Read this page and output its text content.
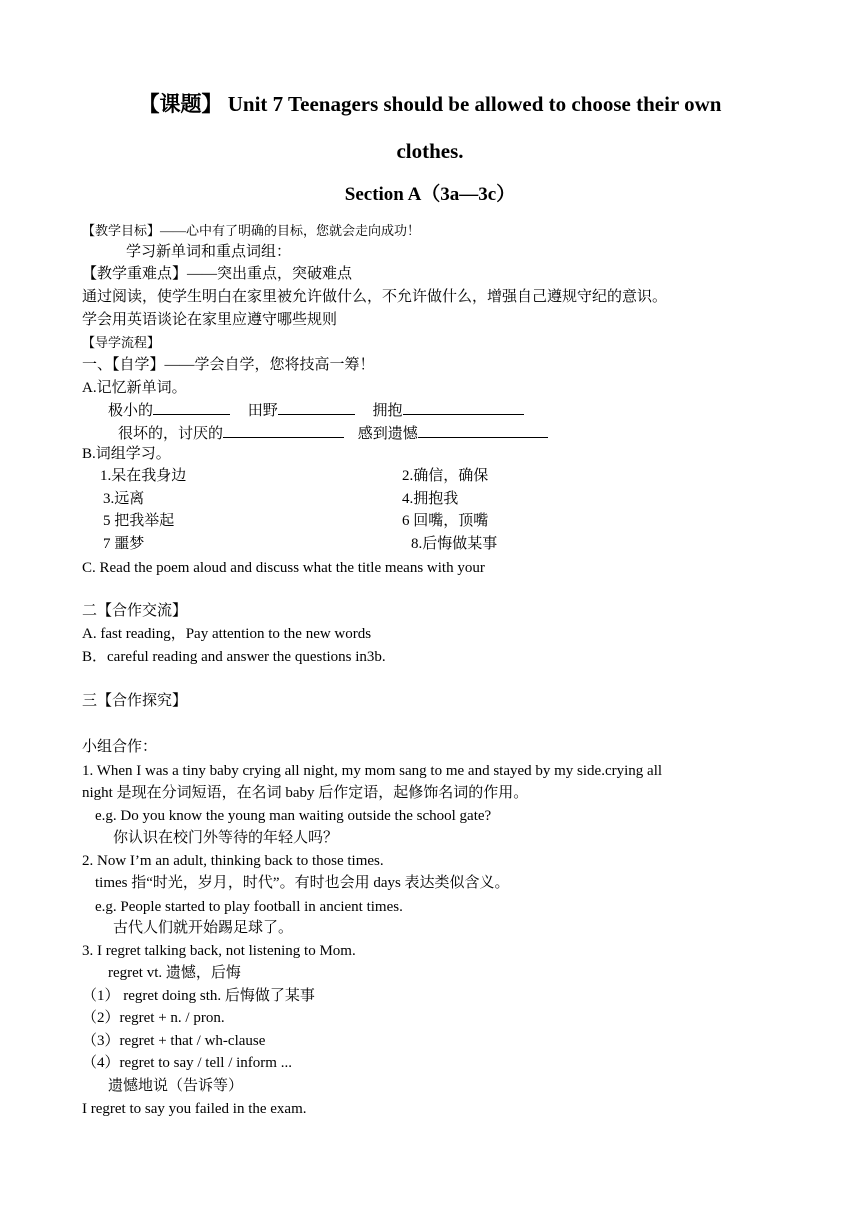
【课题】 Unit 7 Teenagers should be allowed to choose their own
clothes.
Section A（3a—3c）
【教学目标】——心中有了明确的目标，您就会走向成功！
学习新单词和重点词组：
【教学重难点】——突出重点，突破难点
通过阅读，使学生明白在家里被允许做什么，不允许做什么，增强自己遵规守纪的意识。
学会用英语谈论在家里应遵守哪些规则
【导学流程】
一、【自学】——学会自学，您将技高一筹！
A.记忆新单词。
极小的	田野	拥抱
很坏的，讨厌的	感到遗憾
B.词组学习。
1.呆在我身边	2.确信，确保
3.远离	4.拥抱我
5 把我举起	6 回嘴，顶嘴
7 噩梦	8.后悔做某事
C. Read the poem aloud and discuss what the title means with your
二【合作交流】
A. fast reading，Pay attention to the new words
B．careful reading and answer the questions in3b.
三【合作探究】
小组合作：
1. When I was a tiny baby crying all night, my mom sang to me and stayed by my side.crying all
night 是现在分词短语，在名词 baby 后作定语，起修饰名词的作用。
e.g. Do you know the young man waiting outside the school gate?
你认识在校门外等待的年轻人吗？
2. Now I’m an adult, thinking back to those times.
times 指“时光，岁月，时代”。有时也会用 days 表达类似含义。
e.g. People started to play football in ancient times.
古代人们就开始踢足球了。
3. I regret talking back, not listening to Mom.
regret vt. 遗憾，后悔
（1） regret doing sth. 后悔做了某事
（2）regret + n. / pron.
（3）regret + that / wh-clause
（4）regret to say / tell / inform ...
遗憾地说（告诉等）
I regret to say you failed in the exam.
